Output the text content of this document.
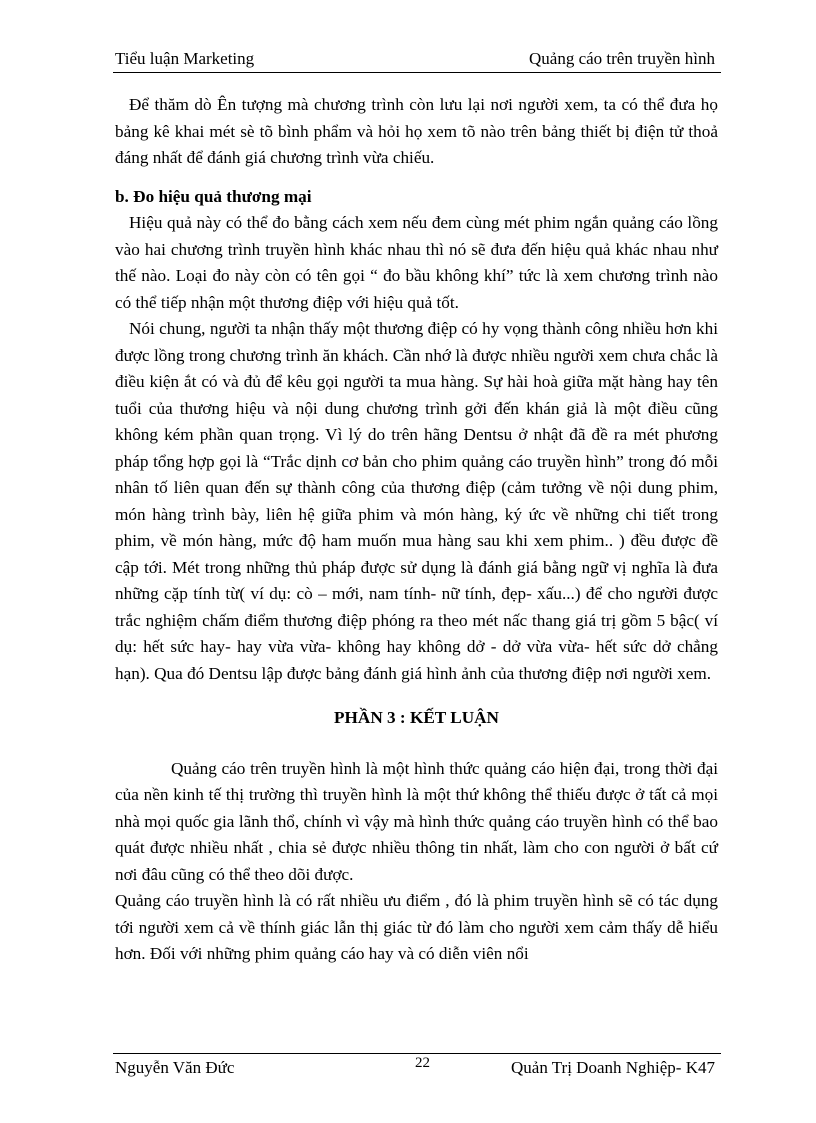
Tiểu luận Marketing	Quảng cáo trên truyền hình

Để thăm dò Ên tượng mà chương trình còn lưu lại nơi người xem, ta có thể đưa họ bảng kê khai mét sè tõ bình phẩm và hỏi họ xem tõ nào trên bảng thiết bị điện tử thoả đáng nhất để đánh giá chương trình vừa chiếu.

b. Đo hiệu quả thương mại

Hiệu quả này có thể đo bằng cách xem nếu đem cùng mét phim ngắn quảng cáo lồng vào hai chương trình truyền hình khác nhau thì nó sẽ đưa đến hiệu quả khác nhau như thế nào. Loại đo này còn có tên gọi “ đo bầu không khí” tức là xem chương trình nào có thể tiếp nhận một thương điệp với hiệu quả tốt.

Nói chung, người ta nhận thấy một thương điệp có hy vọng thành công nhiều hơn khi được lồng trong chương trình ăn khách. Cần nhớ là được nhiều người xem chưa chắc là điều kiện ắt có và đủ để kêu gọi người ta mua hàng. Sự hài hoà giữa mặt hàng hay tên tuổi của thương hiệu và nội dung chương trình gởi đến khán giả là một điều cũng không kém phần quan trọng. Vì lý do trên hãng Dentsu ở nhật đã đề ra mét phương pháp tổng hợp gọi là “Trắc dịnh cơ bản cho phim quảng cáo truyền hình” trong đó mỗi nhân tố liên quan đến sự thành công của thương điệp (cảm tưởng về nội dung phim, món hàng trình bày, liên hệ giữa phim và món hàng, ký ức về những chi tiết trong phim, về món hàng, mức độ ham muốn mua hàng sau khi xem phim.. ) đều được đề cập tới. Mét trong những thủ pháp được sử dụng là đánh giá bằng ngữ vị nghĩa là đưa những cặp tính từ( ví dụ: cò – mới, nam tính- nữ tính, đẹp- xấu...) để cho người được trắc nghiệm chấm điểm thương điệp phóng ra theo mét nấc thang giá trị gồm 5 bậc( ví dụ: hết sức hay- hay vừa vừa- không hay không dở - dở vừa vừa- hết sức dở chẳng hạn). Qua đó Dentsu lập được bảng đánh giá hình ảnh của thương điệp nơi người xem.

PHẦN 3 : KẾT LUẬN

Quảng cáo trên truyền hình là một hình thức quảng cáo hiện đại, trong thời đại của nền kinh tế thị trường thì truyền hình là một thứ không thể thiếu được ở tất cả mọi nhà mọi quốc gia lãnh thổ, chính vì vậy mà hình thức quảng cáo truyền hình có thể bao quát được nhiều nhất , chia sẻ được nhiều thông tin nhất, làm cho con người ở bất cứ nơi đâu cũng có thể theo dõi được.

Quảng cáo truyền hình là có rất nhiều ưu điểm , đó là phim truyền hình sẽ có tác dụng tới người xem cả về thính giác lẫn thị giác từ đó làm cho người xem cảm thấy dễ hiểu hơn. Đối với những phim quảng cáo hay và có diễn viên nổi

Nguyễn Văn Đức	22	Quản Trị Doanh Nghiệp- K47
